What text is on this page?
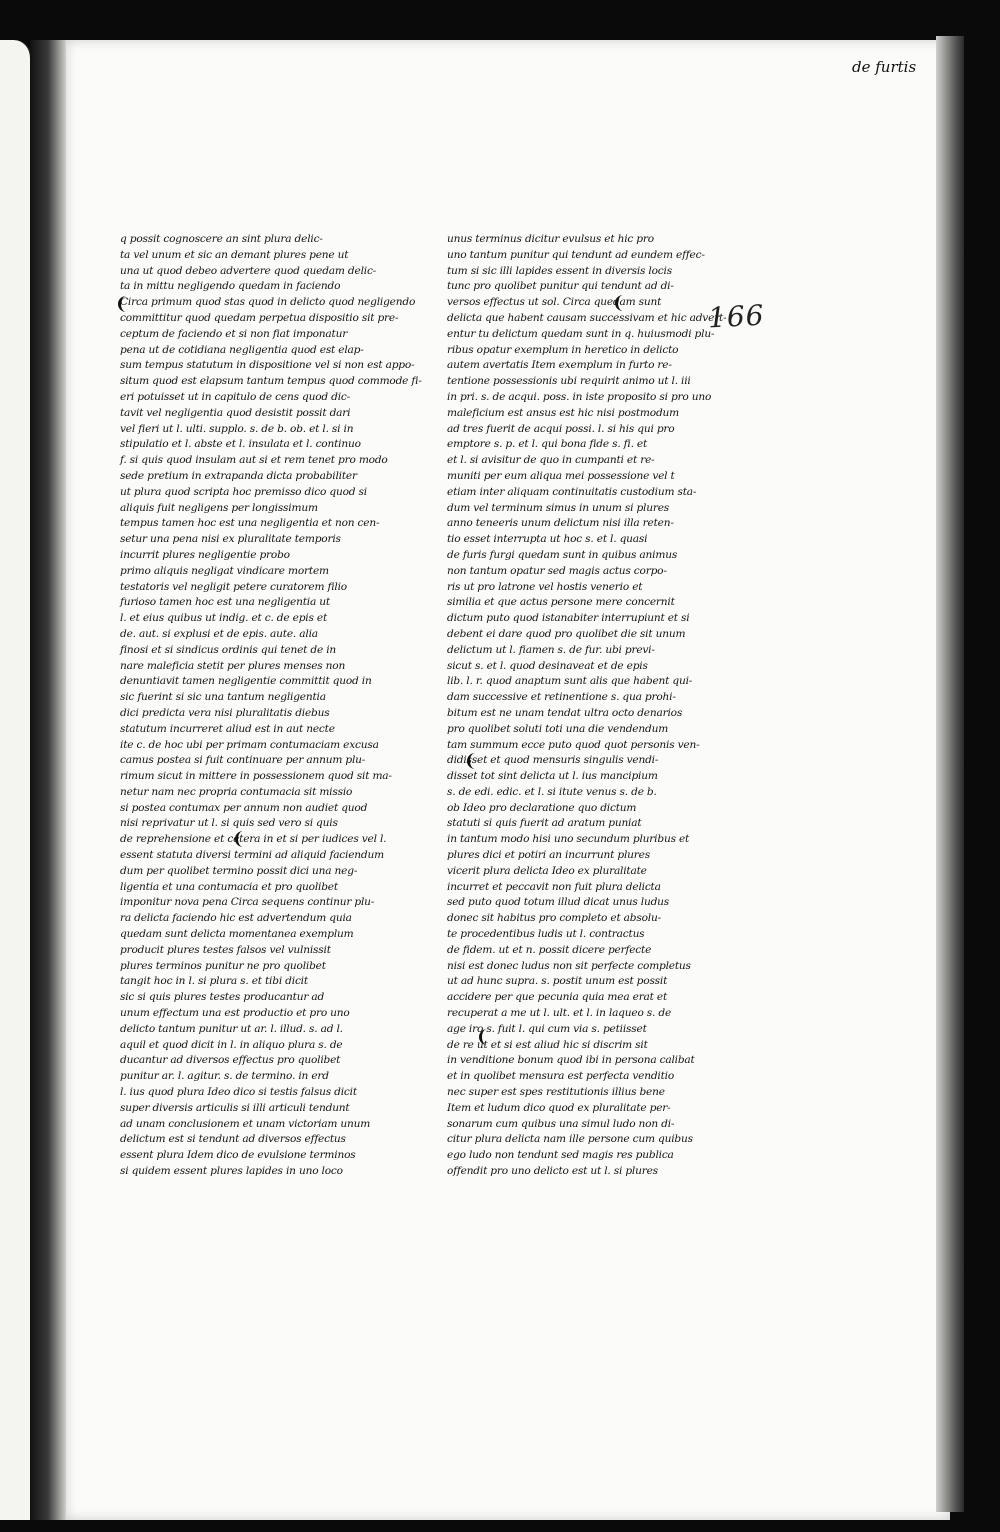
de furtis
166
q possit cognoscere an sint plura delic-
ta vel unum et sic an demant plures pene ut
una ut quod debeo advertere quod quedam delic-
ta in mittu negligendo quedam in faciendo
Circa primum quod stas quod in delicto quod negligendo
committitur quod quedam perpetua dispositio sit pre-
ceptum de faciendo et si non fiat imponatur
pena ut de cotidiana negligentia quod est elap-
sum tempus statutum in dispositione vel si non est appo-
situm quod est elapsum tantum tempus quod commode fi-
eri potuisset ut in capitulo de cens quod dic-
tavit vel negligentia quod desistit possit dari
vel fieri ut l. ulti. supplo. s. de b. ob. et l. si in
stipulatio et l. abste et l. insulata et l. continuo
f. si quis quod insulam aut si et rem tenet pro modo
sede pretium in extrapanda dicta probabiliter
ut plura quod scripta hoc premisso dico quod si
aliquis fuit negligens per longissimum
tempus tamen hoc est una negligentia et non cen-
setur una pena nisi ex pluralitate temporis
incurrit plures negligentie probo
primo aliquis negligat vindicare mortem
testatoris vel negligit petere curatorem filio
furioso tamen hoc est una negligentia ut
l. et eius quibus ut indig. et c. de epis et
de. aut. si explusi et de epis. aute. alia
finosi et si sindicus ordinis qui tenet de in
nare maleficia stetit per plures menses non
denuntiavit tamen negligentie committit quod in
sic fuerint si sic una tantum negligentia
dici predicta vera nisi pluralitatis diebus
statutum incurreret aliud est in aut necte
ite c. de hoc ubi per primam contumaciam excusa
camus postea si fuit continuare per annum plu-
rimum sicut in mittere in possessionem quod sit ma-
netur nam nec propria contumacia sit missio
si postea contumax per annum non audiet quod
nisi reprivatur ut l. si quis sed vero si quis
de reprehensione et cetera in et si per iudices vel l.
essent statuta diversi termini ad aliquid faciendum
dum per quolibet termino possit dici una neg-
ligentia et una contumacia et pro quolibet
imponitur nova pena Circa sequens continur plu-
ra delicta faciendo hic est advertendum quia
quedam sunt delicta momentanea exemplum
producit plures testes falsos vel vulnissit
plures terminos punitur ne pro quolibet
tangit hoc in l. si plura s. et tibi dicit
sic si quis plures testes producantur ad
unum effectum una est productio et pro uno
delicto tantum punitur ut ar. l. illud. s. ad l.
aquil et quod dicit in l. in aliquo plura s. de
ducantur ad diversos effectus pro quolibet
punitur ar. l. agitur. s. de termino. in erd
l. ius quod plura Ideo dico si testis falsus dicit
super diversis articulis si illi articuli tendunt
ad unam conclusionem et unam victoriam unum
delictum est si tendunt ad diversos effectus
essent plura Idem dico de evulsione terminos
si quidem essent plures lapides in uno loco
unus terminus dicitur evulsus et hic pro
uno tantum punitur qui tendunt ad eundem effec-
tum si sic illi lapides essent in diversis locis
tunc pro quolibet punitur qui tendunt ad di-
versos effectus ut sol. Circa quedam sunt
delicta que habent causam successivam et hic advert-
entur tu delictum quedam sunt in q. huiusmodi plu-
ribus opatur exemplum in heretico in delicto
autem avertatis Item exemplum in furto re-
tentione possessionis ubi requirit animo ut l. iii
in pri. s. de acqui. poss. in iste proposito si pro uno
maleficium est ansus est hic nisi postmodum
ad tres fuerit de acqui possi. l. si his qui pro
emptore s. p. et l. qui bona fide s. fi. et
et l. si avisitur de quo in cumpanti et re-
muniti per eum aliqua mei possessione vel t
etiam inter aliquam continuitatis custodium sta-
dum vel terminum simus in unum si plures
anno teneeris unum delictum nisi illa reten-
tio esset interrupta ut hoc s. et l. quasi
de furis furgi quedam sunt in quibus animus
non tantum opatur sed magis actus corpo-
ris ut pro latrone vel hostis venerio et
similia et que actus persone mere concernit
dictum puto quod istanabiter interrupiunt et si
debent ei dare quod pro quolibet die sit unum
delictum ut l. fiamen s. de fur. ubi previ-
sicut s. et l. quod desinaveat et de epis
lib. l. r. quod anaptum sunt alis que habent qui-
dam successive et retinentione s. qua prohi-
bitum est ne unam tendat ultra octo denarios
pro quolibet soluti toti una die vendendum
tam summum ecce puto quod quot personis ven-
didisset et quod mensuris singulis vendi-
disset tot sint delicta ut l. ius mancipium
s. de edi. edic. et l. si itute venus s. de b.
ob Ideo pro declaratione quo dictum
statuti si quis fuerit ad aratum puniat
in tantum modo hisi uno secundum pluribus et
plures dici et potiri an incurrunt plures
vicerit plura delicta Ideo ex pluralitate
incurret et peccavit non fuit plura delicta
sed puto quod totum illud dicat unus ludus
donec sit habitus pro completo et absolu-
te procedentibus ludis ut l. contractus
de fidem. ut et n. possit dicere perfecte
nisi est donec ludus non sit perfecte completus
ut ad hunc supra. s. postit unum est possit
accidere per que pecunia quia mea erat et
recuperat a me ut l. ult. et l. in laqueo s. de
age iro s. fuit l. qui cum via s. petiisset
de re ut et si est aliud hic si discrim sit
in venditione bonum quod ibi in persona calibat
et in quolibet mensura est perfecta venditio
nec super est spes restitutionis illius bene
Item et ludum dico quod ex pluralitate per-
sonarum cum quibus una simul ludo non di-
citur plura delicta nam ille persone cum quibus
ego ludo non tendunt sed magis res publica
offendit pro uno delicto est ut l. si plures
